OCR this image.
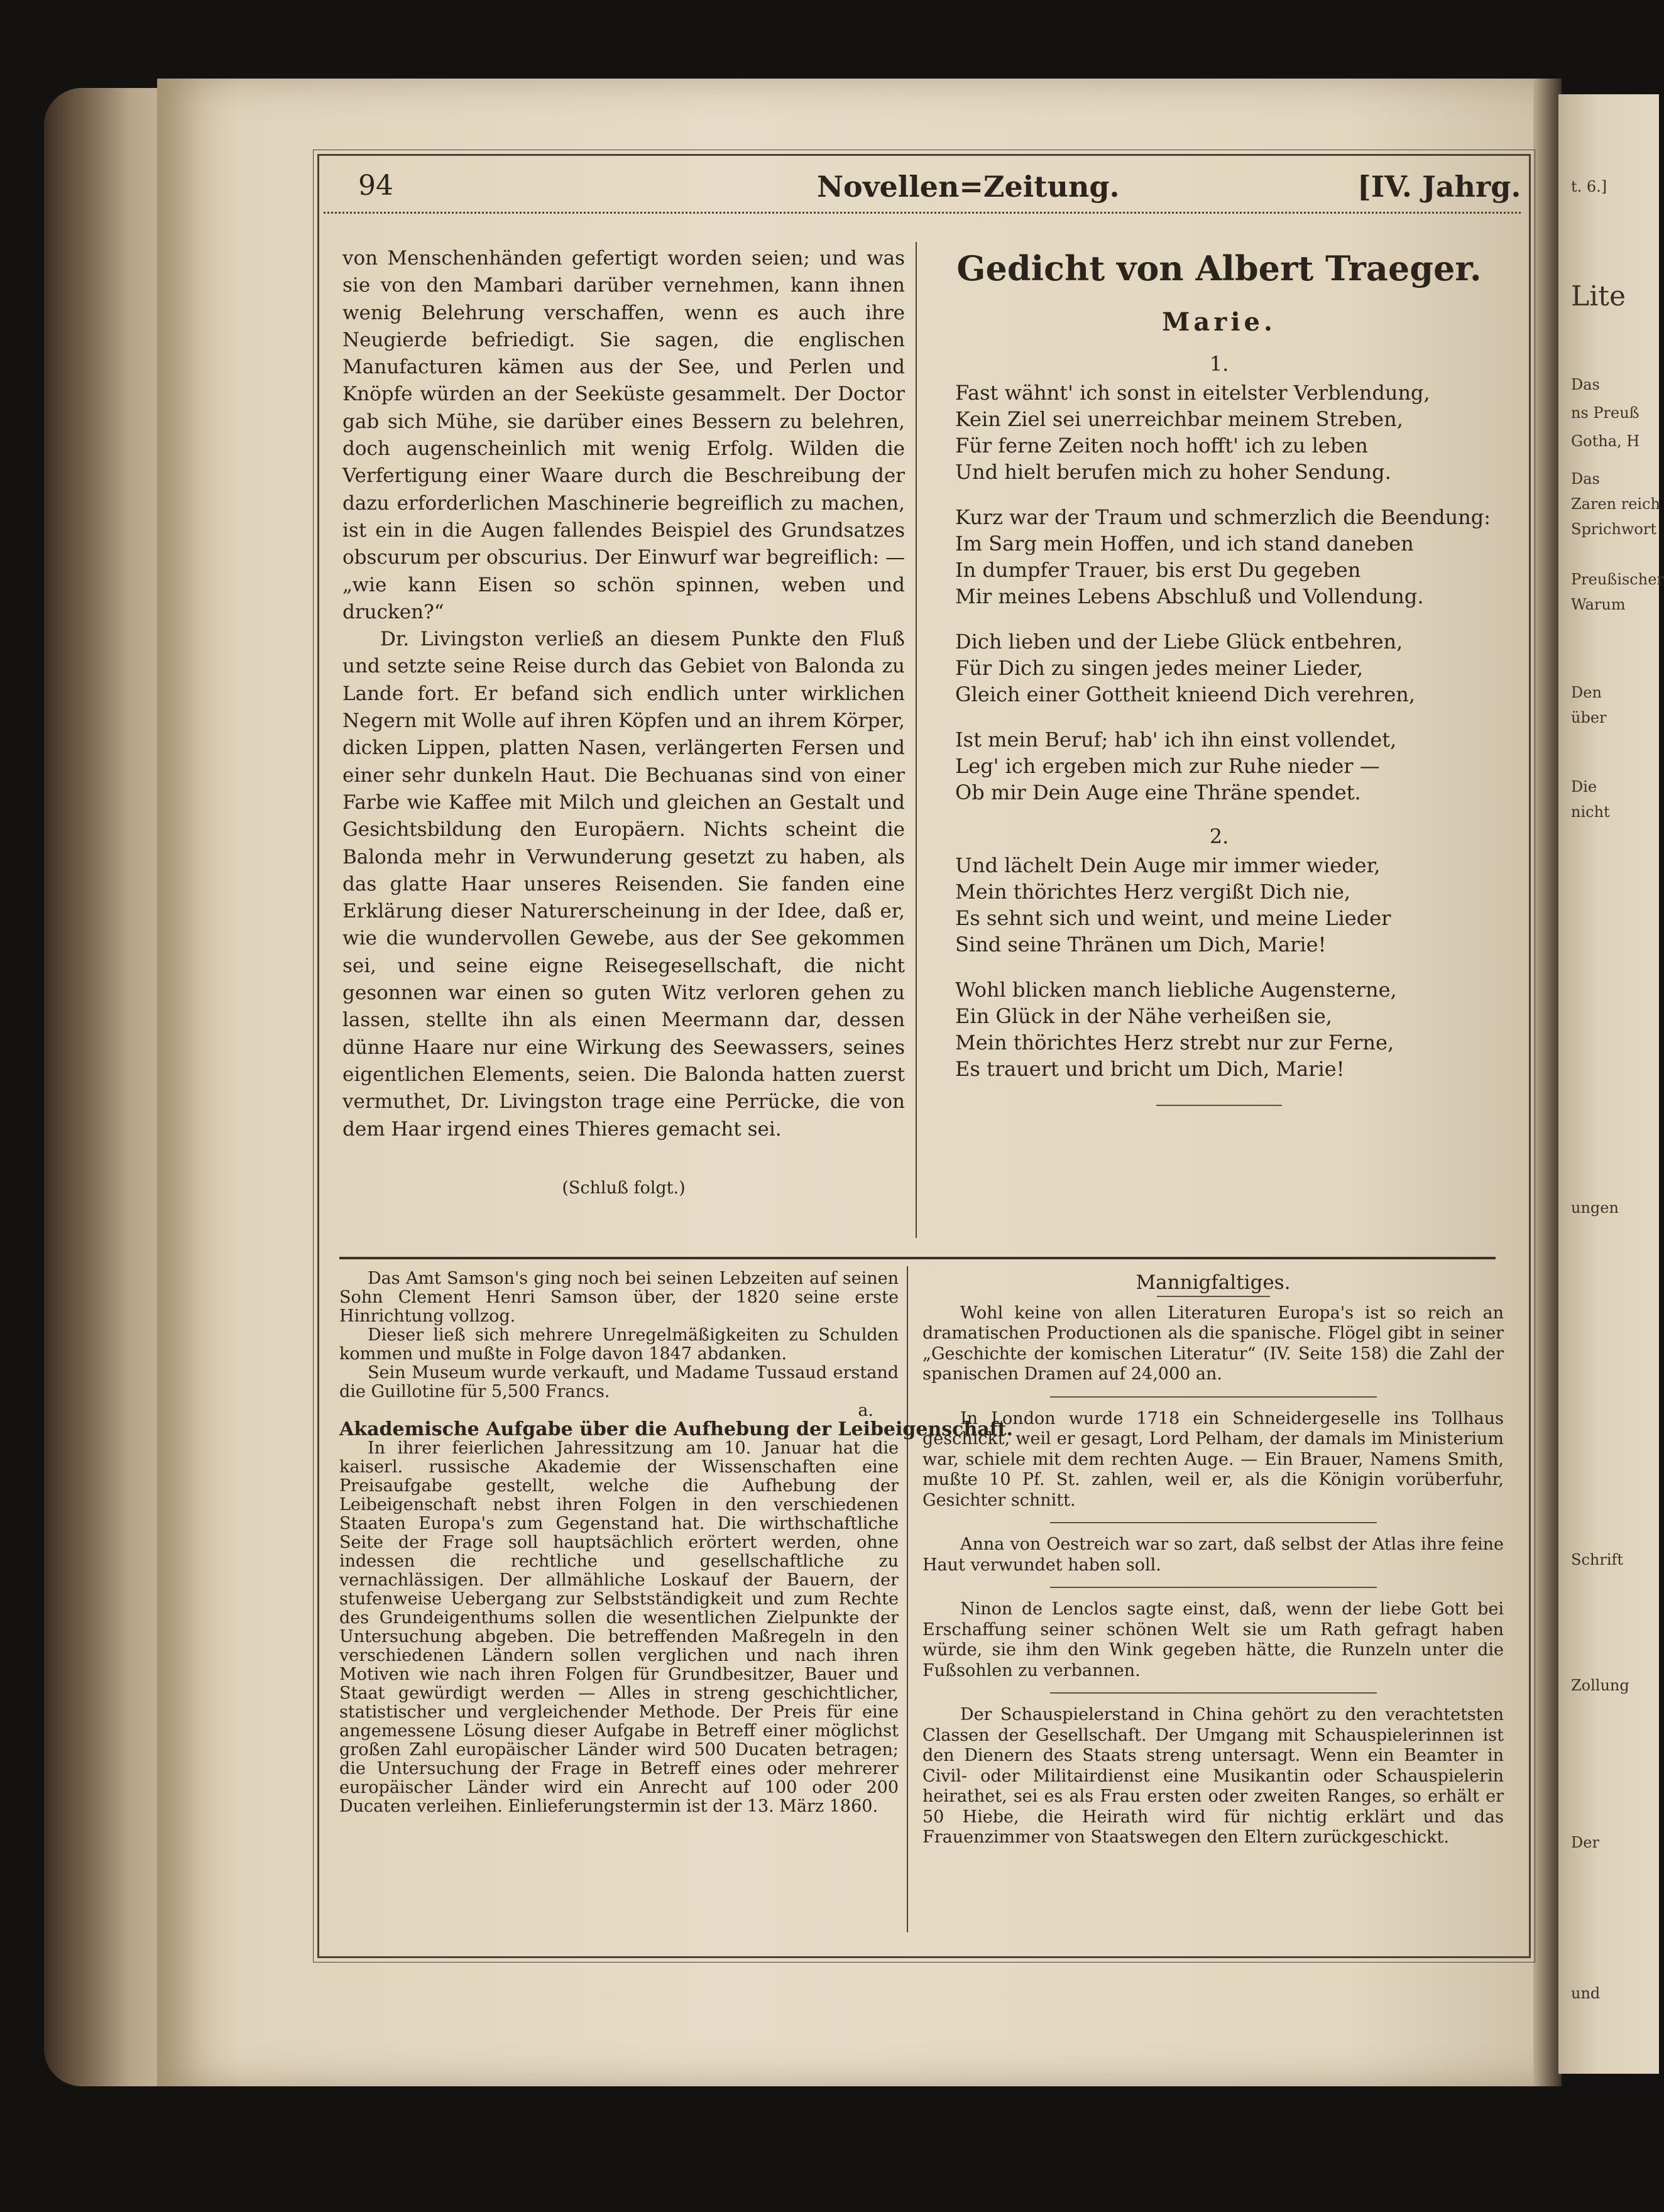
t. 6.]
Lite
Das
ns Preuß
Gotha, H
Das
Zaren reich
Sprichwort
Preußischer
Warum
Den
über
Die
nicht
ungen
Schrift
Zollung
Der
und
94	Novellen=Zeitung.	[IV. Jahrg.

von Menschenhänden gefertigt worden seien; und was sie von den Mambari darüber vernehmen, kann ihnen wenig Belehrung verschaffen, wenn es auch ihre Neugierde befriedigt. Sie sagen, die englischen Manufacturen kämen aus der See, und Perlen und Knöpfe würden an der Seeküste gesammelt. Der Doctor gab sich Mühe, sie darüber eines Bessern zu belehren, doch augenscheinlich mit wenig Erfolg. Wilden die Verfertigung einer Waare durch die Beschreibung der dazu erforderlichen Maschinerie begreiflich zu machen, ist ein in die Augen fallendes Beispiel des Grundsatzes obscurum per obscurius. Der Einwurf war begreiflich: — „wie kann Eisen so schön spinnen, weben und drucken?“

Dr. Livingston verließ an diesem Punkte den Fluß und setzte seine Reise durch das Gebiet von Balonda zu Lande fort. Er befand sich endlich unter wirklichen Negern mit Wolle auf ihren Köpfen und an ihrem Körper, dicken Lippen, platten Nasen, verlängerten Fersen und einer sehr dunkeln Haut. Die Bechuanas sind von einer Farbe wie Kaffee mit Milch und gleichen an Gestalt und Gesichtsbildung den Europäern. Nichts scheint die Balonda mehr in Verwunderung gesetzt zu haben, als das glatte Haar unseres Reisenden. Sie fanden eine Erklärung dieser Naturerscheinung in der Idee, daß er, wie die wundervollen Gewebe, aus der See gekommen sei, und seine eigne Reisegesellschaft, die nicht gesonnen war einen so guten Witz verloren gehen zu lassen, stellte ihn als einen Meermann dar, dessen dünne Haare nur eine Wirkung des Seewassers, seines eigentlichen Elements, seien. Die Balonda hatten zuerst vermuthet, Dr. Livingston trage eine Perrücke, die von dem Haar irgend eines Thieres gemacht sei.

(Schluß folgt.)

Gedicht von Albert Traeger.
Marie.
1.
Fast wähnt' ich sonst in eitelster Verblendung,
Kein Ziel sei unerreichbar meinem Streben,
Für ferne Zeiten noch hofft' ich zu leben
Und hielt berufen mich zu hoher Sendung.
Kurz war der Traum und schmerzlich die Beendung:
Im Sarg mein Hoffen, und ich stand daneben
In dumpfer Trauer, bis erst Du gegeben
Mir meines Lebens Abschluß und Vollendung.
Dich lieben und der Liebe Glück entbehren,
Für Dich zu singen jedes meiner Lieder,
Gleich einer Gottheit knieend Dich verehren,
Ist mein Beruf; hab' ich ihn einst vollendet,
Leg' ich ergeben mich zur Ruhe nieder —
Ob mir Dein Auge eine Thräne spendet.
2.
Und lächelt Dein Auge mir immer wieder,
Mein thörichtes Herz vergißt Dich nie,
Es sehnt sich und weint, und meine Lieder
Sind seine Thränen um Dich, Marie!
Wohl blicken manch liebliche Augensterne,
Ein Glück in der Nähe verheißen sie,
Mein thörichtes Herz strebt nur zur Ferne,
Es trauert und bricht um Dich, Marie!

Das Amt Samson's ging noch bei seinen Lebzeiten auf seinen Sohn Clement Henri Samson über, der 1820 seine erste Hinrichtung vollzog.

Dieser ließ sich mehrere Unregelmäßigkeiten zu Schulden kommen und mußte in Folge davon 1847 abdanken.

Sein Museum wurde verkauft, und Madame Tussaud erstand die Guillotine für 5,500 Francs.

a.

Akademische Aufgabe über die Aufhebung der Leibeigenschaft.

In ihrer feierlichen Jahressitzung am 10. Januar hat die kaiserl. russische Akademie der Wissenschaften eine Preisaufgabe gestellt, welche die Aufhebung der Leibeigenschaft nebst ihren Folgen in den verschiedenen Staaten Europa's zum Gegenstand hat. Die wirthschaftliche Seite der Frage soll hauptsächlich erörtert werden, ohne indessen die rechtliche und gesellschaftliche zu vernachlässigen. Der allmähliche Loskauf der Bauern, der stufenweise Uebergang zur Selbstständigkeit und zum Rechte des Grundeigenthums sollen die wesentlichen Zielpunkte der Untersuchung abgeben. Die betreffenden Maßregeln in den verschiedenen Ländern sollen verglichen und nach ihren Motiven wie nach ihren Folgen für Grundbesitzer, Bauer und Staat gewürdigt werden — Alles in streng geschichtlicher, statistischer und vergleichender Methode. Der Preis für eine angemessene Lösung dieser Aufgabe in Betreff einer möglichst großen Zahl europäischer Länder wird 500 Ducaten betragen; die Untersuchung der Frage in Betreff eines oder mehrerer europäischer Länder wird ein Anrecht auf 100 oder 200 Ducaten verleihen. Einlieferungstermin ist der 13. März 1860.

Mannigfaltiges.

Wohl keine von allen Literaturen Europa's ist so reich an dramatischen Productionen als die spanische. Flögel gibt in seiner „Geschichte der komischen Literatur“ (IV. Seite 158) die Zahl der spanischen Dramen auf 24,000 an.

In London wurde 1718 ein Schneidergeselle ins Tollhaus geschickt, weil er gesagt, Lord Pelham, der damals im Ministerium war, schiele mit dem rechten Auge. — Ein Brauer, Namens Smith, mußte 10 Pf. St. zahlen, weil er, als die Königin vorüberfuhr, Gesichter schnitt.

Anna von Oestreich war so zart, daß selbst der Atlas ihre feine Haut verwundet haben soll.

Ninon de Lenclos sagte einst, daß, wenn der liebe Gott bei Erschaffung seiner schönen Welt sie um Rath gefragt haben würde, sie ihm den Wink gegeben hätte, die Runzeln unter die Fußsohlen zu verbannen.

Der Schauspielerstand in China gehört zu den verachtetsten Classen der Gesellschaft. Der Umgang mit Schauspielerinnen ist den Dienern des Staats streng untersagt. Wenn ein Beamter in Civil- oder Militairdienst eine Musikantin oder Schauspielerin heirathet, sei es als Frau ersten oder zweiten Ranges, so erhält er 50 Hiebe, die Heirath wird für nichtig erklärt und das Frauenzimmer von Staatswegen den Eltern zurückgeschickt.
